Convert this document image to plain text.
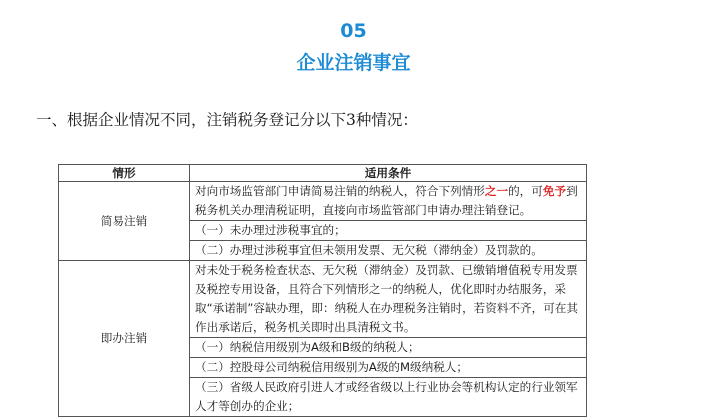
05
企业注销事宜
一、根据企业情况不同，注销税务登记分以下3种情况：
情形	适用条件
简易注销	对向市场监管部门申请简易注销的纳税人，符合下列情形之一的，可免予到税务机关办理清税证明，直接向市场监管部门申请办理注销登记。
	（一）未办理过涉税事宜的；
	（二）办理过涉税事宜但未领用发票、无欠税（滞纳金）及罚款的。
即办注销	对未处于税务检查状态、无欠税（滞纳金）及罚款、已缴销增值税专用发票及税控专用设备，且符合下列情形之一的纳税人，优化即时办结服务，采取“承诺制”容缺办理，即：纳税人在办理税务注销时，若资料不齐，可在其作出承诺后，税务机关即时出具清税文书。
	（一）纳税信用级别为A级和B级的纳税人；
	（二）控股母公司纳税信用级别为A级的M级纳税人；
	（三）省级人民政府引进人才或经省级以上行业协会等机构认定的行业领军人才等创办的企业；
